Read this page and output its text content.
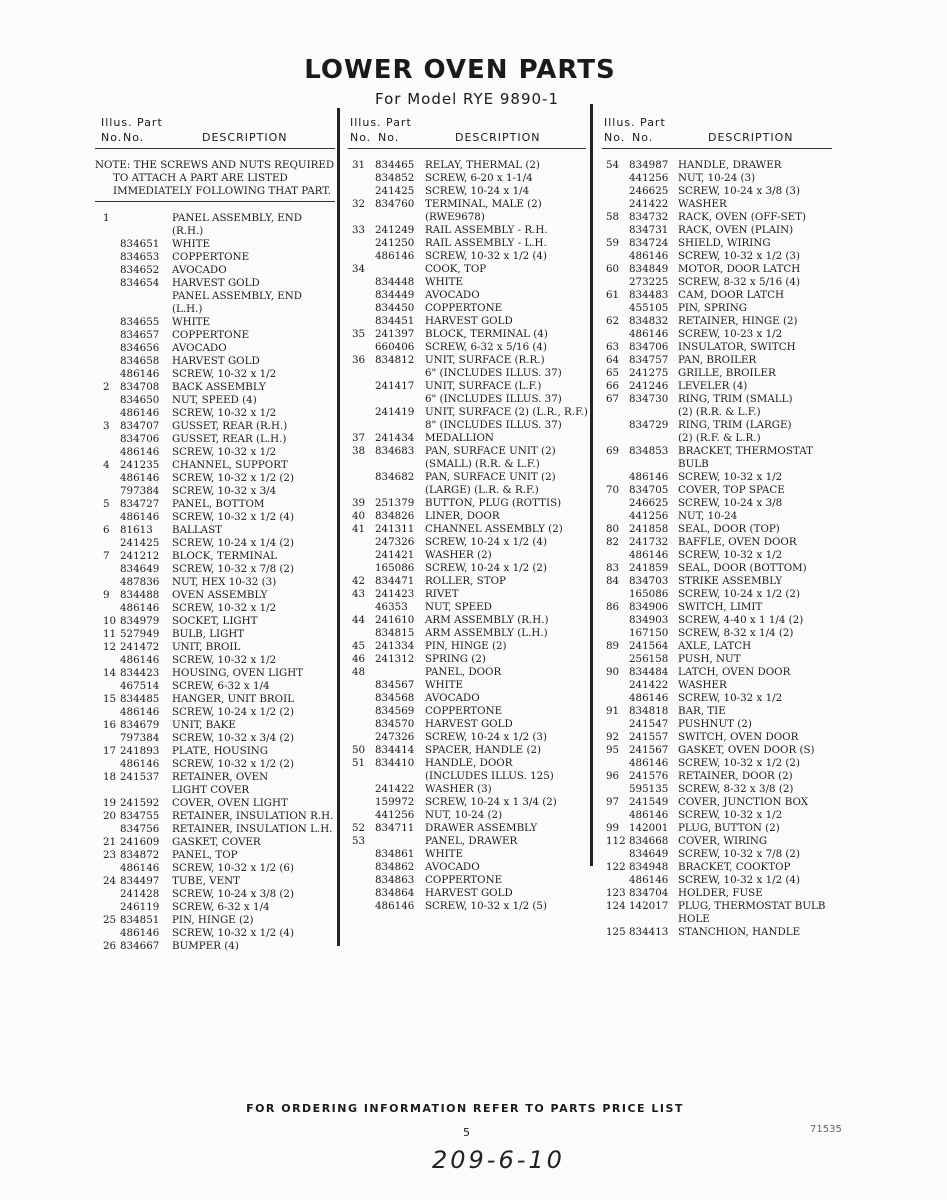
LOWER OVEN PARTS
For Model RYE 9890-1
Illus. Part
No. No.	DESCRIPTION
NOTE: THE SCREWS AND NUTS REQUIRED
TO ATTACH A PART ARE LISTED
IMMEDIATELY FOLLOWING THAT PART.
1	PANEL ASSEMBLY, END
(R.H.)
834651 WHITE
834653 COPPERTONE
834652 AVOCADO
834654 HARVEST GOLD
PANEL ASSEMBLY, END
(L.H.)
834655 WHITE
834657 COPPERTONE
834656 AVOCADO
834658 HARVEST GOLD
486146 SCREW, 10-32 x 1/2
2 834708 BACK ASSEMBLY
834650 NUT, SPEED (4)
486146 SCREW, 10-32 x 1/2
3 834707 GUSSET, REAR (R.H.)
834706 GUSSET, REAR (L.H.)
486146 SCREW, 10-32 x 1/2
4 241235 CHANNEL, SUPPORT
486146 SCREW, 10-32 x 1/2 (2)
797384 SCREW, 10-32 x 3/4
5 834727 PANEL, BOTTOM
486146 SCREW, 10-32 x 1/2 (4)
6 81613 BALLAST
241425 SCREW, 10-24 x 1/4 (2)
7 241212 BLOCK, TERMINAL
834649 SCREW, 10-32 x 7/8 (2)
487836 NUT, HEX 10-32 (3)
9 834488 OVEN ASSEMBLY
486146 SCREW, 10-32 x 1/2
10 834979 SOCKET, LIGHT
11 527949 BULB, LIGHT
12 241472 UNIT, BROIL
486146 SCREW, 10-32 x 1/2
14 834423 HOUSING, OVEN LIGHT
467514 SCREW, 6-32 x 1/4
15 834485 HANGER, UNIT BROIL
486146 SCREW, 10-24 x 1/2 (2)
16 834679 UNIT, BAKE
797384 SCREW, 10-32 x 3/4 (2)
17 241893 PLATE, HOUSING
486146 SCREW, 10-32 x 1/2 (2)
18 241537 RETAINER, OVEN
LIGHT COVER
19 241592 COVER, OVEN LIGHT
20 834755 RETAINER, INSULATION R.H.
834756 RETAINER, INSULATION L.H.
21 241609 GASKET, COVER
23 834872 PANEL, TOP
486146 SCREW, 10-32 x 1/2 (6)
24 834497 TUBE, VENT
241428 SCREW, 10-24 x 3/8 (2)
246119 SCREW, 6-32 x 1/4
25 834851 PIN, HINGE (2)
486146 SCREW, 10-32 x 1/2 (4)
26 834667 BUMPER (4)
Illus. Part
No. No.	DESCRIPTION
31 834465 RELAY, THERMAL (2)
834852 SCREW, 6-20 x 1-1/4
241425 SCREW, 10-24 x 1/4
32 834760 TERMINAL, MALE (2)
(RWE9678)
33 241249 RAIL ASSEMBLY - R.H.
241250 RAIL ASSEMBLY - L.H.
486146 SCREW, 10-32 x 1/2 (4)
34	COOK, TOP
834448 WHITE
834449 AVOCADO
834450 COPPERTONE
834451 HARVEST GOLD
35 241397 BLOCK, TERMINAL (4)
660406 SCREW, 6-32 x 5/16 (4)
36 834812 UNIT, SURFACE (R.R.)
6" (INCLUDES ILLUS. 37)
241417 UNIT, SURFACE (L.F.)
6" (INCLUDES ILLUS. 37)
241419 UNIT, SURFACE (2) (L.R., R.F.)
8" (INCLUDES ILLUS. 37)
37 241434 MEDALLION
38 834683 PAN, SURFACE UNIT (2)
(SMALL) (R.R. & L.F.)
834682 PAN, SURFACE UNIT (2)
(LARGE) (L.R. & R.F.)
39 251379 BUTTON, PLUG (ROTTIS)
40 834826 LINER, DOOR
41 241311 CHANNEL ASSEMBLY (2)
247326 SCREW, 10-24 x 1/2 (4)
241421 WASHER (2)
165086 SCREW, 10-24 x 1/2 (2)
42 834471 ROLLER, STOP
43 241423 RIVET
46353 NUT, SPEED
44 241610 ARM ASSEMBLY (R.H.)
834815 ARM ASSEMBLY (L.H.)
45 241334 PIN, HINGE (2)
46 241312 SPRING (2)
48	PANEL, DOOR
834567 WHITE
834568 AVOCADO
834569 COPPERTONE
834570 HARVEST GOLD
247326 SCREW, 10-24 x 1/2 (3)
50 834414 SPACER, HANDLE (2)
51 834410 HANDLE, DOOR
(INCLUDES ILLUS. 125)
241422 WASHER (3)
159972 SCREW, 10-24 x 1 3/4 (2)
441256 NUT, 10-24 (2)
52 834711 DRAWER ASSEMBLY
53	PANEL, DRAWER
834861 WHITE
834862 AVOCADO
834863 COPPERTONE
834864 HARVEST GOLD
486146 SCREW, 10-32 x 1/2 (5)
Illus. Part
No. No.	DESCRIPTION
54 834987 HANDLE, DRAWER
441256 NUT, 10-24 (3)
246625 SCREW, 10-24 x 3/8 (3)
241422 WASHER
58 834732 RACK, OVEN (OFF-SET)
834731 RACK, OVEN (PLAIN)
59 834724 SHIELD, WIRING
486146 SCREW, 10-32 x 1/2 (3)
60 834849 MOTOR, DOOR LATCH
273225 SCREW, 8-32 x 5/16 (4)
61 834483 CAM, DOOR LATCH
455105 PIN, SPRING
62 834832 RETAINER, HINGE (2)
486146 SCREW, 10-23 x 1/2
63 834706 INSULATOR, SWITCH
64 834757 PAN, BROILER
65 241275 GRILLE, BROILER
66 241246 LEVELER (4)
67 834730 RING, TRIM (SMALL)
(2) (R.R. & L.F.)
834729 RING, TRIM (LARGE)
(2) (R.F. & L.R.)
69 834853 BRACKET, THERMOSTAT
BULB
486146 SCREW, 10-32 x 1/2
70 834705 COVER, TOP SPACE
246625 SCREW, 10-24 x 3/8
441256 NUT, 10-24
80 241858 SEAL, DOOR (TOP)
82 241732 BAFFLE, OVEN DOOR
486146 SCREW, 10-32 x 1/2
83 241859 SEAL, DOOR (BOTTOM)
84 834703 STRIKE ASSEMBLY
165086 SCREW, 10-24 x 1/2 (2)
86 834906 SWITCH, LIMIT
834903 SCREW, 4-40 x 1 1/4 (2)
167150 SCREW, 8-32 x 1/4 (2)
89 241564 AXLE, LATCH
256158 PUSH, NUT
90 834484 LATCH, OVEN DOOR
241422 WASHER
486146 SCREW, 10-32 x 1/2
91 834818 BAR, TIE
241547 PUSHNUT (2)
92 241557 SWITCH, OVEN DOOR
95 241567 GASKET, OVEN DOOR (S)
486146 SCREW, 10-32 x 1/2 (2)
96 241576 RETAINER, DOOR (2)
595135 SCREW, 8-32 x 3/8 (2)
97 241549 COVER, JUNCTION BOX
486146 SCREW, 10-32 x 1/2
99 142001 PLUG, BUTTON (2)
112 834668 COVER, WIRING
834649 SCREW, 10-32 x 7/8 (2)
122 834948 BRACKET, COOKTOP
486146 SCREW, 10-32 x 1/2 (4)
123 834704 HOLDER, FUSE
124 142017 PLUG, THERMOSTAT BULB
HOLE
125 834413 STANCHION, HANDLE
FOR ORDERING INFORMATION REFER TO PARTS PRICE LIST
5	71535
209-6-10
